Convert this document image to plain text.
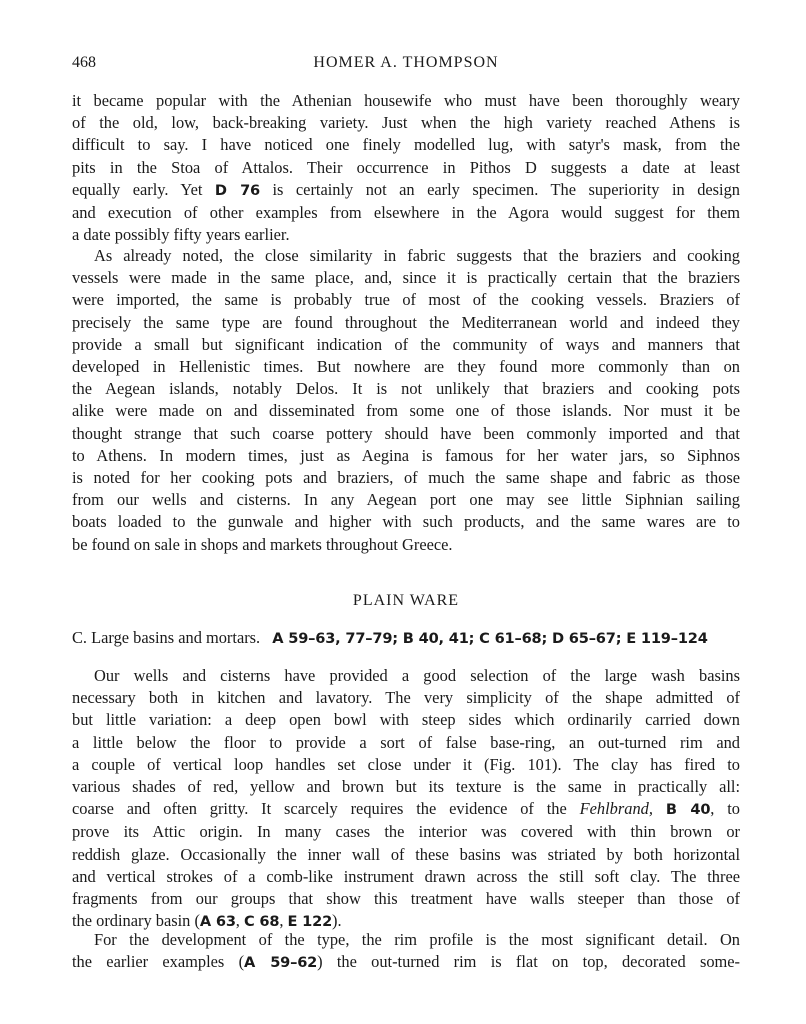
468	HOMER A. THOMPSON
it became popular with the Athenian housewife who must have been thoroughly weary
of the old, low, back-breaking variety. Just when the high variety reached Athens is
difficult to say. I have noticed one finely modelled lug, with satyr's mask, from the
pits in the Stoa of Attalos. Their occurrence in Pithos D suggests a date at least
equally early. Yet D 76 is certainly not an early specimen. The superiority in design
and execution of other examples from elsewhere in the Agora would suggest for them
a date possibly fifty years earlier.
As already noted, the close similarity in fabric suggests that the braziers and cooking
vessels were made in the same place, and, since it is practically certain that the braziers
were imported, the same is probably true of most of the cooking vessels. Braziers of
precisely the same type are found throughout the Mediterranean world and indeed they
provide a small but significant indication of the community of ways and manners that
developed in Hellenistic times. But nowhere are they found more commonly than on
the Aegean islands, notably Delos. It is not unlikely that braziers and cooking pots
alike were made on and disseminated from some one of those islands. Nor must it be
thought strange that such coarse pottery should have been commonly imported and that
to Athens. In modern times, just as Aegina is famous for her water jars, so Siphnos
is noted for her cooking pots and braziers, of much the same shape and fabric as those
from our wells and cisterns. In any Aegean port one may see little Siphnian sailing
boats loaded to the gunwale and higher with such products, and the same wares are to
be found on sale in shops and markets throughout Greece.
PLAIN WARE
C. Large basins and mortars. A 59–63, 77–79; B 40, 41; C 61–68; D 65–67; E 119–124
Our wells and cisterns have provided a good selection of the large wash basins
necessary both in kitchen and lavatory. The very simplicity of the shape admitted of
but little variation: a deep open bowl with steep sides which ordinarily carried down
a little below the floor to provide a sort of false base-ring, an out-turned rim and
a couple of vertical loop handles set close under it (Fig. 101). The clay has fired to
various shades of red, yellow and brown but its texture is the same in practically all:
coarse and often gritty. It scarcely requires the evidence of the Fehlbrand, B 40, to
prove its Attic origin. In many cases the interior was covered with thin brown or
reddish glaze. Occasionally the inner wall of these basins was striated by both horizontal
and vertical strokes of a comb-like instrument drawn across the still soft clay. The three
fragments from our groups that show this treatment have walls steeper than those of
the ordinary basin (A 63, C 68, E 122).
For the development of the type, the rim profile is the most significant detail. On
the earlier examples (A 59–62) the out-turned rim is flat on top, decorated some-
